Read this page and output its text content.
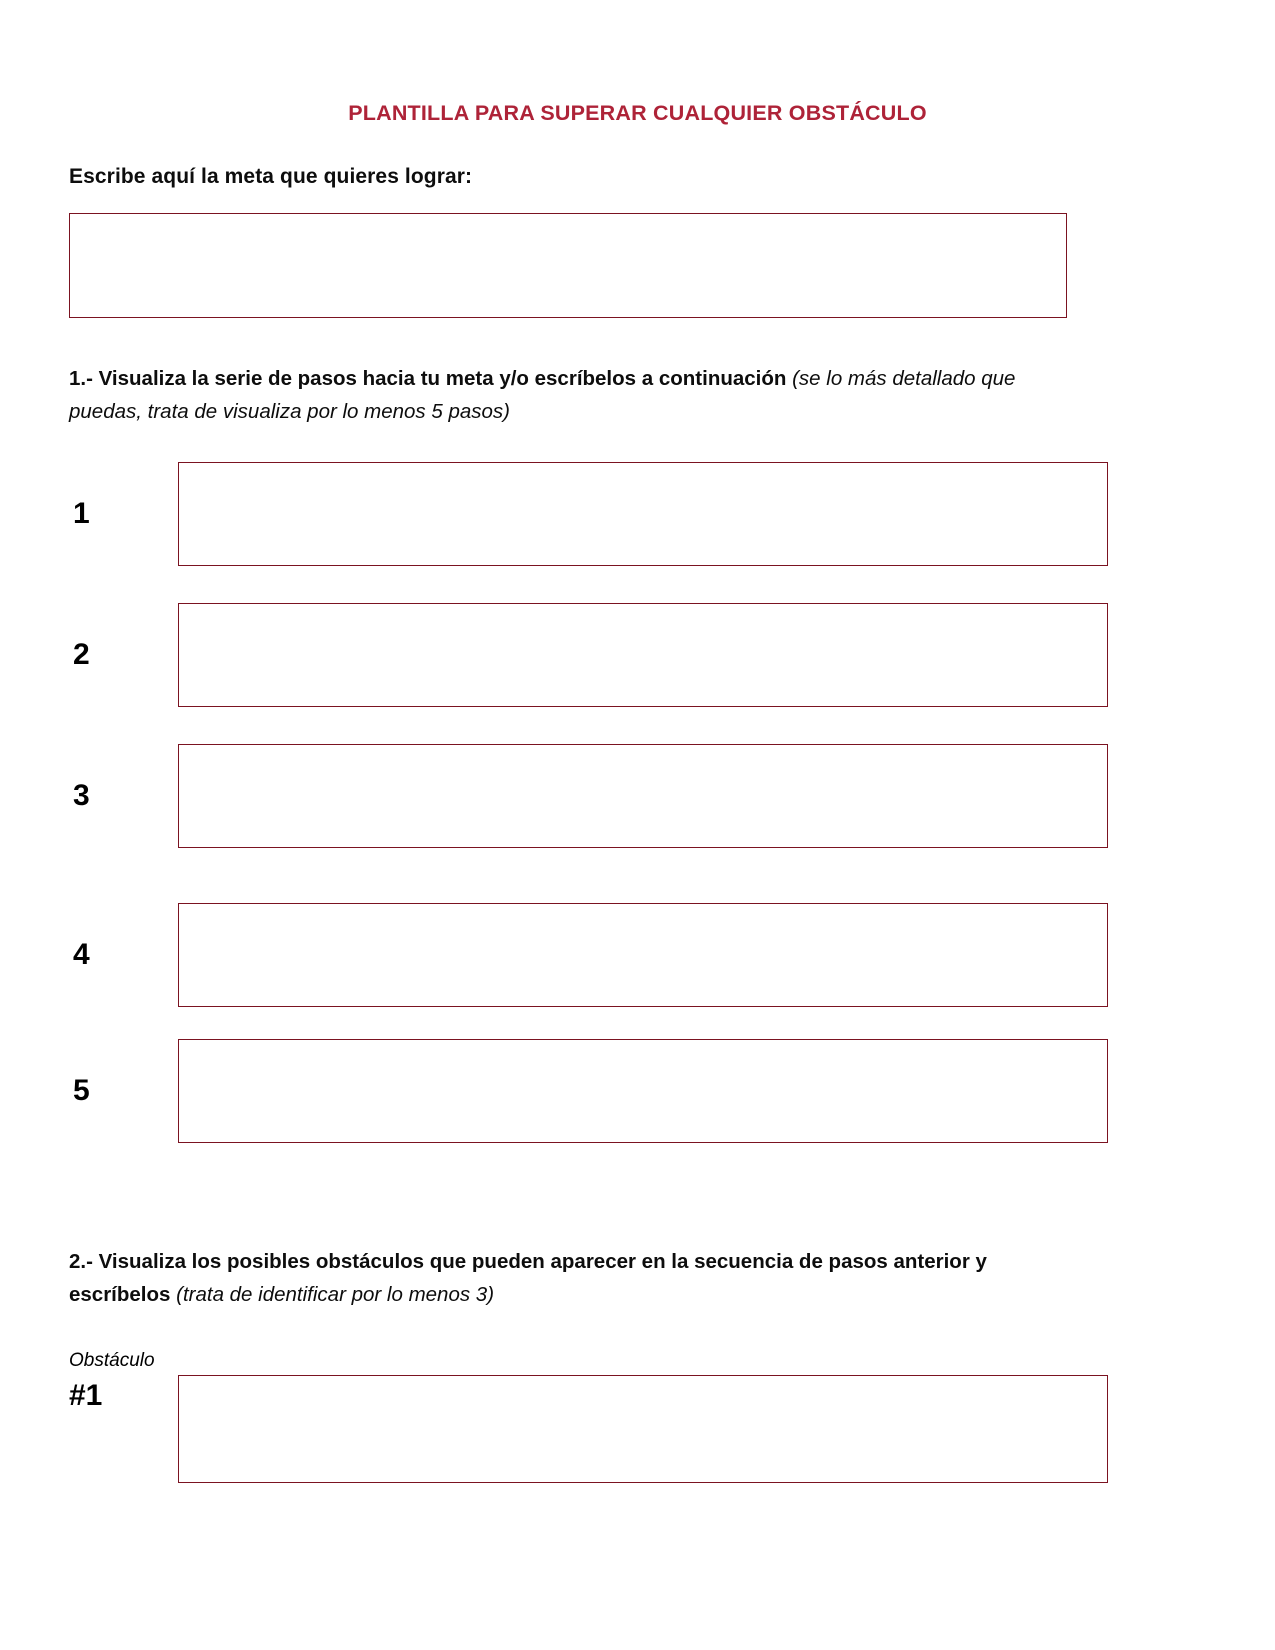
PLANTILLA PARA SUPERAR CUALQUIER OBSTÁCULO
Escribe aquí la meta que quieres lograr:
1.- Visualiza la serie de pasos hacia tu meta y/o escríbelos a continuación (se lo más detallado que puedas, trata de visualiza por lo menos 5 pasos)
1
2
3
4
5
2.- Visualiza los posibles obstáculos que pueden aparecer en la secuencia de pasos anterior y escríbelos (trata de identificar por lo menos 3)
Obstáculo
#1
